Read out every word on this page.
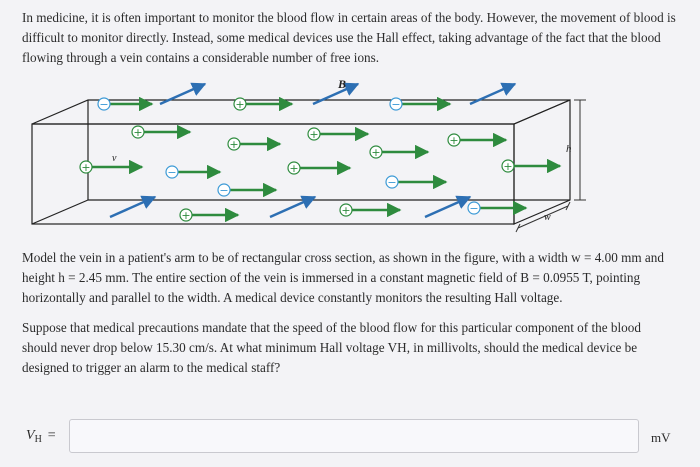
In medicine, it is often important to monitor the blood flow in certain areas of the body. However, the movement of blood is difficult to monitor directly. Instead, some medical devices use the Hall effect, taking advantage of the fact that the blood flowing through a vein contains a considerable number of free ions.

h
w
B
v
+
+	+
+	+
+
+	+	+
+	+
−	−
−
−
−
−

Model the vein in a patient's arm to be of rectangular cross section, as shown in the figure, with a width w = 4.00 mm and height h = 2.45 mm. The entire section of the vein is immersed in a constant magnetic field of B = 0.0955 T, pointing horizontally and parallel to the width. A medical device constantly monitors the resulting Hall voltage.

Suppose that medical precautions mandate that the speed of the blood flow for this particular component of the blood should never drop below 15.30 cm/s. At what minimum Hall voltage VH, in millivolts, should the medical device be designed to trigger an alarm to the medical staff?

$V_H$ =	mV
